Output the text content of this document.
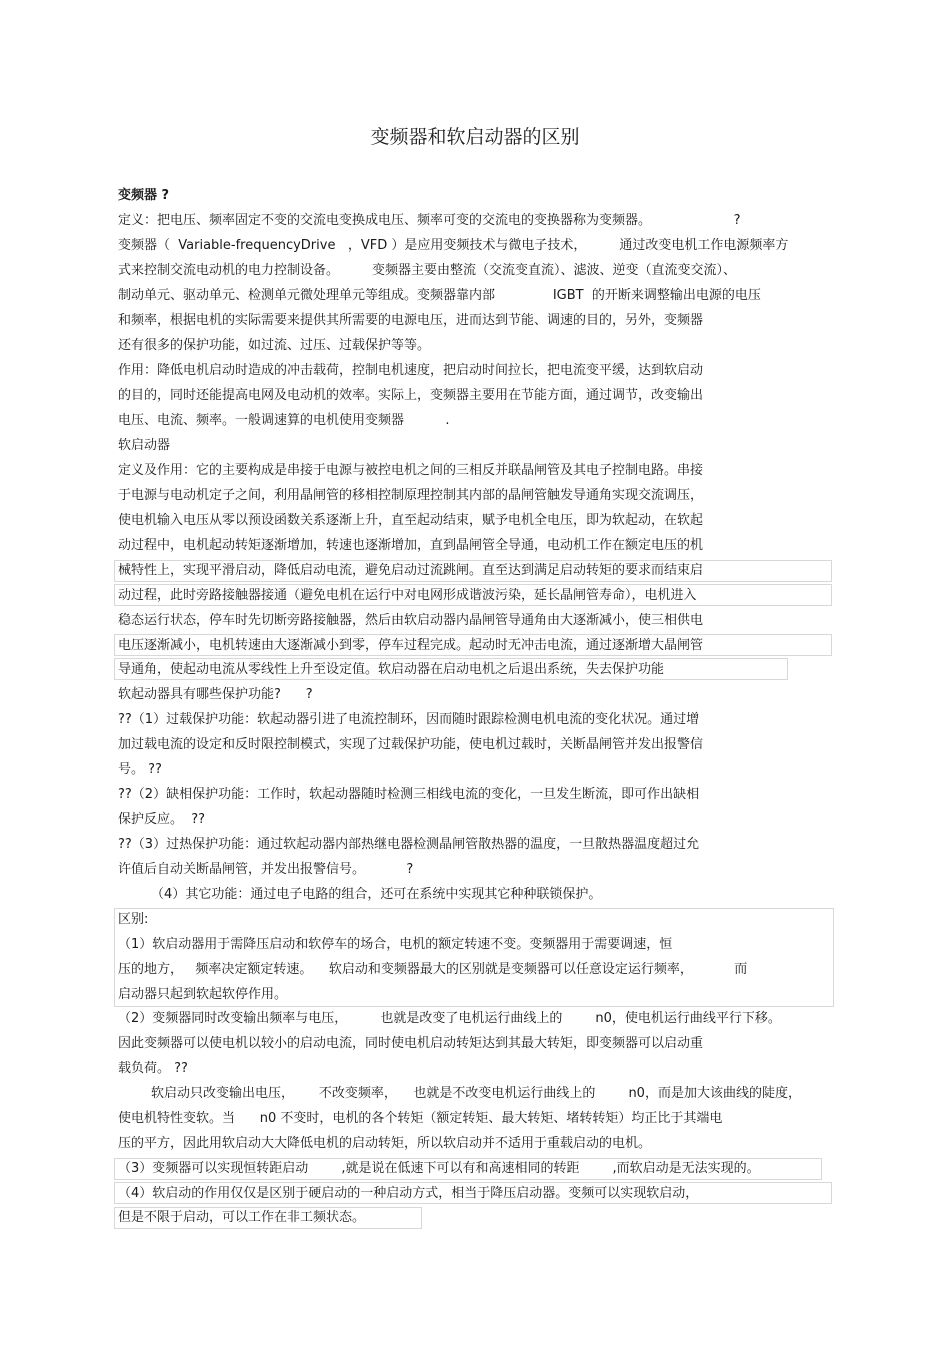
变频器和软启动器的区别
变频器 ?
定义：把电压、频率固定不变的交流电变换成电压、频率可变的交流电的变换器称为变频器。                    ?
变频器（  Variable-frequencyDrive   ，VFD ）是应用变频技术与微电子技术，        通过改变电机工作电源频率方
式来控制交流电动机的电力控制设备。        变频器主要由整流（交流变直流）、滤波、逆变（直流变交流）、
制动单元、驱动单元、检测单元微处理单元等组成。变频器靠内部              IGBT  的开断来调整输出电源的电压
和频率，根据电机的实际需要来提供其所需要的电源电压，进而达到节能、调速的目的，另外，变频器
还有很多的保护功能，如过流、过压、过载保护等等。
作用：降低电机启动时造成的冲击载荷，控制电机速度，把启动时间拉长，把电流变平缓，达到软启动
的目的，同时还能提高电网及电动机的效率。实际上，变频器主要用在节能方面，通过调节，改变输出
电压、电流、频率。一般调速算的电机使用变频器          .
软启动器
定义及作用：它的主要构成是串接于电源与被控电机之间的三相反并联晶闸管及其电子控制电路。串接
于电源与电动机定子之间，利用晶闸管的移相控制原理控制其内部的晶闸管触发导通角实现交流调压，
使电机输入电压从零以预设函数关系逐渐上升，直至起动结束，赋予电机全电压，即为软起动，在软起
动过程中，电机起动转矩逐渐增加，转速也逐渐增加，直到晶闸管全导通，电动机工作在额定电压的机
械特性上，实现平滑启动，降低启动电流，避免启动过流跳闸。直至达到满足启动转矩的要求而结束启
动过程，此时旁路接触器接通（避免电机在运行中对电网形成谐波污染，延长晶闸管寿命），电机进入
稳态运行状态，停车时先切断旁路接触器，然后由软启动器内晶闸管导通角由大逐渐减小，使三相供电
电压逐渐减小，电机转速由大逐渐减小到零，停车过程完成。起动时无冲击电流，通过逐渐增大晶闸管
导通角，使起动电流从零线性上升至设定值。软启动器在启动电机之后退出系统，失去保护功能
软起动器具有哪些保护功能?      ?
??（1）过载保护功能：软起动器引进了电流控制环，因而随时跟踪检测电机电流的变化状况。通过增
加过载电流的设定和反时限控制模式，实现了过载保护功能，使电机过载时，关断晶闸管并发出报警信
号。 ??
??（2）缺相保护功能：工作时，软起动器随时检测三相线电流的变化，一旦发生断流，即可作出缺相
保护反应。  ??
??（3）过热保护功能：通过软起动器内部热继电器检测晶闸管散热器的温度，一旦散热器温度超过允
许值后自动关断晶闸管，并发出报警信号。          ?
（4）其它功能：通过电子电路的组合，还可在系统中实现其它种种联锁保护。
区别:
（1）软启动器用于需降压启动和软停车的场合，电机的额定转速不变。变频器用于需要调速，恒
压的地方，   频率决定额定转速。    软启动和变频器最大的区别就是变频器可以任意设定运行频率，          而
启动器只起到软起软停作用。
（2）变频器同时改变输出频率与电压，        也就是改变了电机运行曲线上的        n0，使电机运行曲线平行下移。
因此变频器可以使电机以较小的启动电流，同时使电机启动转矩达到其最大转矩，即变频器可以启动重
载负荷。 ??
软启动只改变输出电压，      不改变频率，    也就是不改变电机运行曲线上的        n0，而是加大该曲线的陡度，
使电机特性变软。当      n0 不变时，电机的各个转矩（额定转矩、最大转矩、堵转转矩）均正比于其端电
压的平方，因此用软启动大大降低电机的启动转矩，所以软启动并不适用于重载启动的电机。
（3）变频器可以实现恒转距启动        ,就是说在低速下可以有和高速相同的转距        ,而软启动是无法实现的。
（4）软启动的作用仅仅是区别于硬启动的一种启动方式，相当于降压启动器。变频可以实现软启动，
但是不限于启动，可以工作在非工频状态。
